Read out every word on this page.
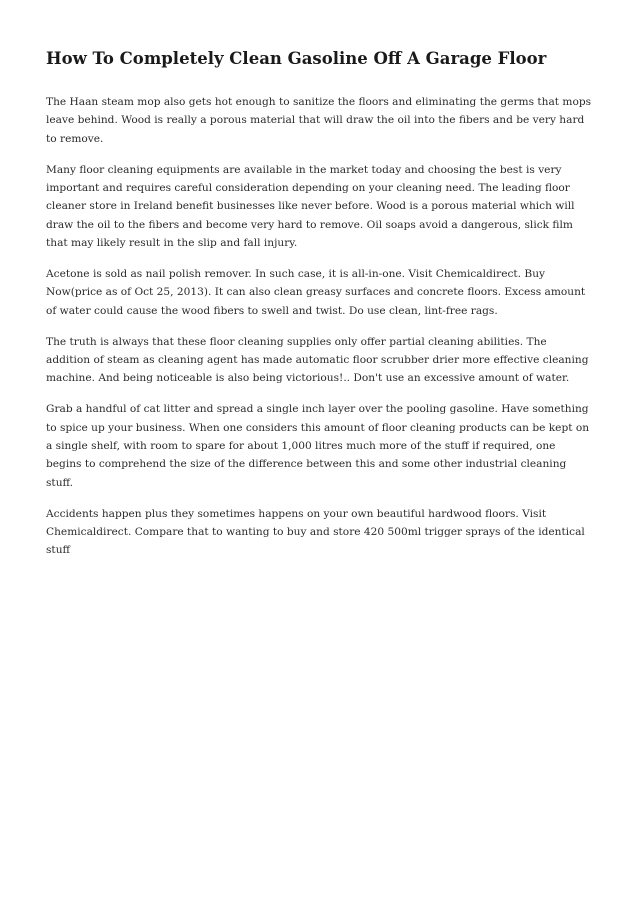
How To Completely Clean Gasoline Off A Garage Floor

The Haan steam mop also gets hot enough to sanitize the floors and eliminating the germs that mops leave behind. Wood is really a porous material that will draw the oil into the fibers and be very hard to remove.

Many floor cleaning equipments are available in the market today and choosing the best is very important and requires careful consideration depending on your cleaning need. The leading floor cleaner store in Ireland benefit businesses like never before. Wood is a porous material which will draw the oil to the fibers and become very hard to remove. Oil soaps avoid a dangerous, slick film that may likely result in the slip and fall injury.

Acetone is sold as nail polish remover. In such case, it is all-in-one. Visit Chemicaldirect. Buy Now(price as of Oct 25, 2013). It can also clean greasy surfaces and concrete floors. Excess amount of water could cause the wood fibers to swell and twist. Do use clean, lint-free rags.

The truth is always that these floor cleaning supplies only offer partial cleaning abilities. The addition of steam as cleaning agent has made automatic floor scrubber drier more effective cleaning machine. And being noticeable is also being victorious!.. Don't use an excessive amount of water.

Grab a handful of cat litter and spread a single inch layer over the pooling gasoline. Have something to spice up your business. When one considers this amount of floor cleaning products can be kept on a single shelf, with room to spare for about 1,000 litres much more of the stuff if required, one begins to comprehend the size of the difference between this and some other industrial cleaning stuff.

Accidents happen plus they sometimes happens on your own beautiful hardwood floors. Visit Chemicaldirect. Compare that to wanting to buy and store 420 500ml trigger sprays of the identical stuff
